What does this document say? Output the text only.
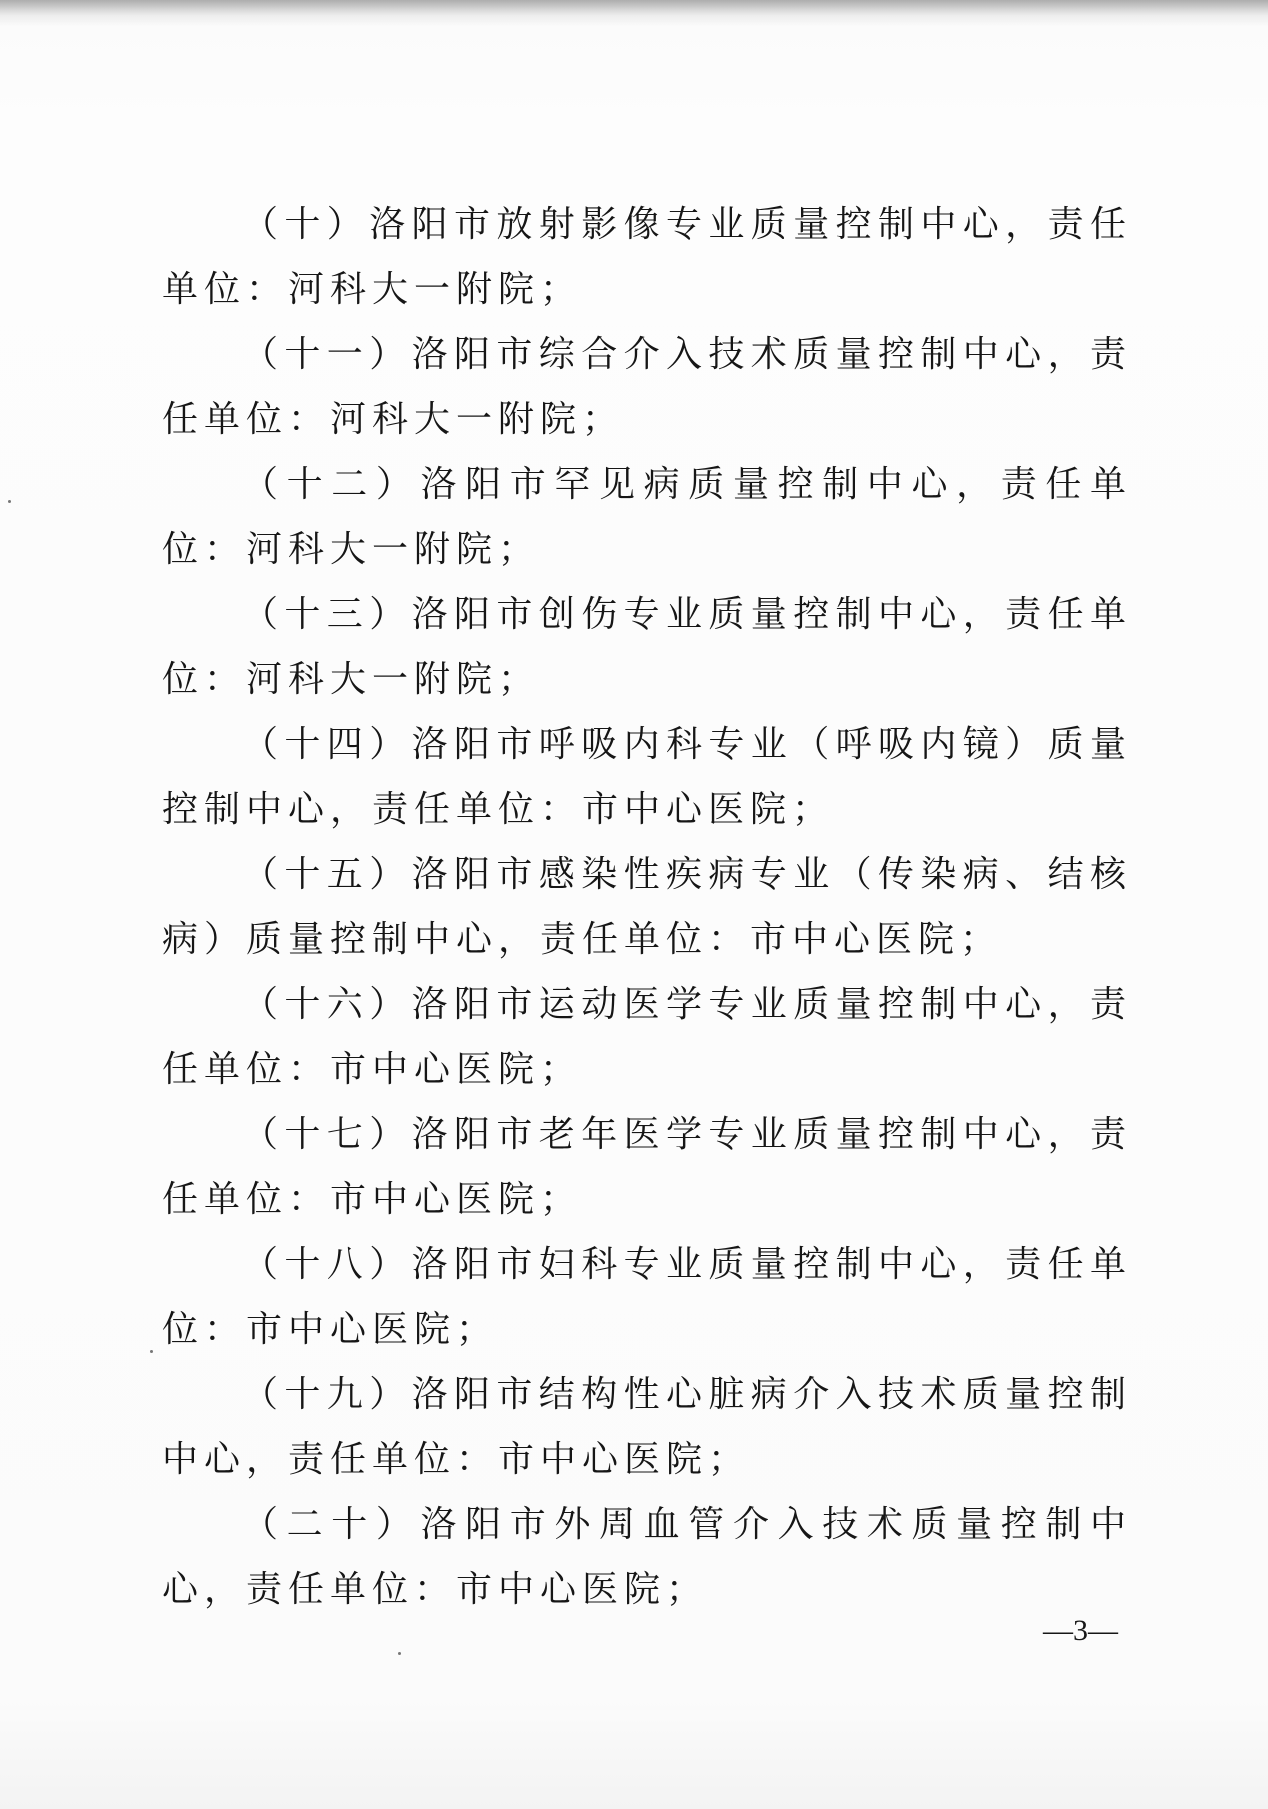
（十）洛阳市放射影像专业质量控制中心，责任单位：河科大一附院；

（十一）洛阳市综合介入技术质量控制中心，责任单位：河科大一附院；

（十二）洛阳市罕见病质量控制中心，责任单位：河科大一附院；

（十三）洛阳市创伤专业质量控制中心，责任单位：河科大一附院；

（十四）洛阳市呼吸内科专业（呼吸内镜）质量控制中心，责任单位：市中心医院；

（十五）洛阳市感染性疾病专业（传染病、结核病）质量控制中心，责任单位：市中心医院；

（十六）洛阳市运动医学专业质量控制中心，责任单位：市中心医院；

（十七）洛阳市老年医学专业质量控制中心，责任单位：市中心医院；

（十八）洛阳市妇科专业质量控制中心，责任单位：市中心医院；

（十九）洛阳市结构性心脏病介入技术质量控制中心，责任单位：市中心医院；

（二十）洛阳市外周血管介入技术质量控制中心，责任单位：市中心医院；

—3—
